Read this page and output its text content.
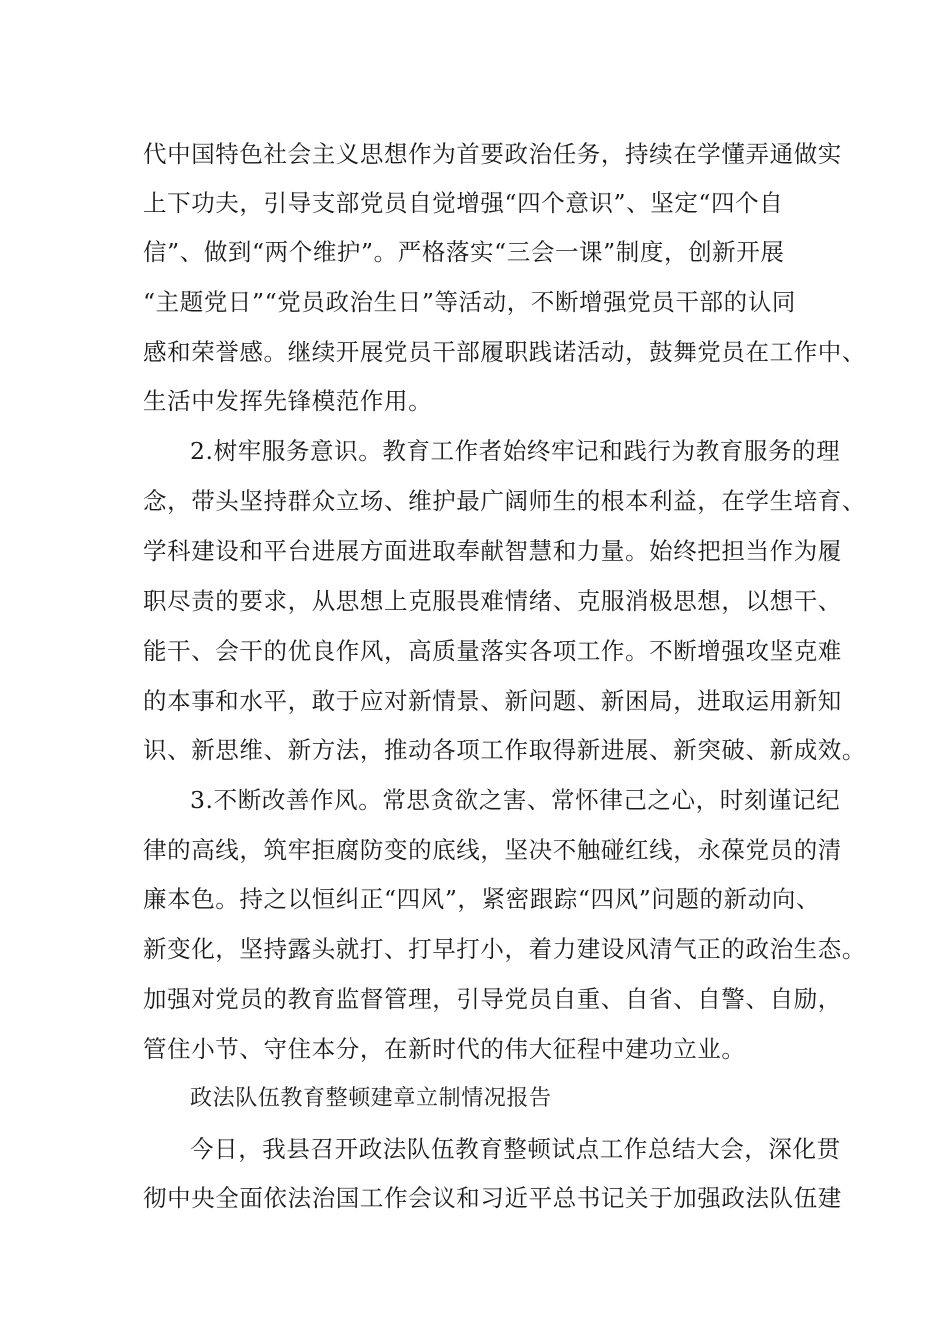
代中国特色社会主义思想作为首要政治任务，持续在学懂弄通做实
上下功夫，引导支部党员自觉增强“四个意识”、坚定“四个自
信”、做到“两个维护”。严格落实“三会一课”制度，创新开展
“主题党日”“党员政治生日”等活动，不断增强党员干部的认同
感和荣誉感。继续开展党员干部履职践诺活动，鼓舞党员在工作中、
生活中发挥先锋模范作用。
2.树牢服务意识。教育工作者始终牢记和践行为教育服务的理
念，带头坚持群众立场、维护最广阔师生的根本利益，在学生培育、
学科建设和平台进展方面进取奉献智慧和力量。始终把担当作为履
职尽责的要求，从思想上克服畏难情绪、克服消极思想，以想干、
能干、会干的优良作风，高质量落实各项工作。不断增强攻坚克难
的本事和水平，敢于应对新情景、新问题、新困局，进取运用新知
识、新思维、新方法，推动各项工作取得新进展、新突破、新成效。
3.不断改善作风。常思贪欲之害、常怀律己之心，时刻谨记纪
律的高线，筑牢拒腐防变的底线，坚决不触碰红线，永葆党员的清
廉本色。持之以恒纠正“四风”，紧密跟踪“四风”问题的新动向、
新变化，坚持露头就打、打早打小，着力建设风清气正的政治生态。
加强对党员的教育监督管理，引导党员自重、自省、自警、自励，
管住小节、守住本分，在新时代的伟大征程中建功立业。
政法队伍教育整顿建章立制情况报告
今日，我县召开政法队伍教育整顿试点工作总结大会，深化贯
彻中央全面依法治国工作会议和习近平总书记关于加强政法队伍建
